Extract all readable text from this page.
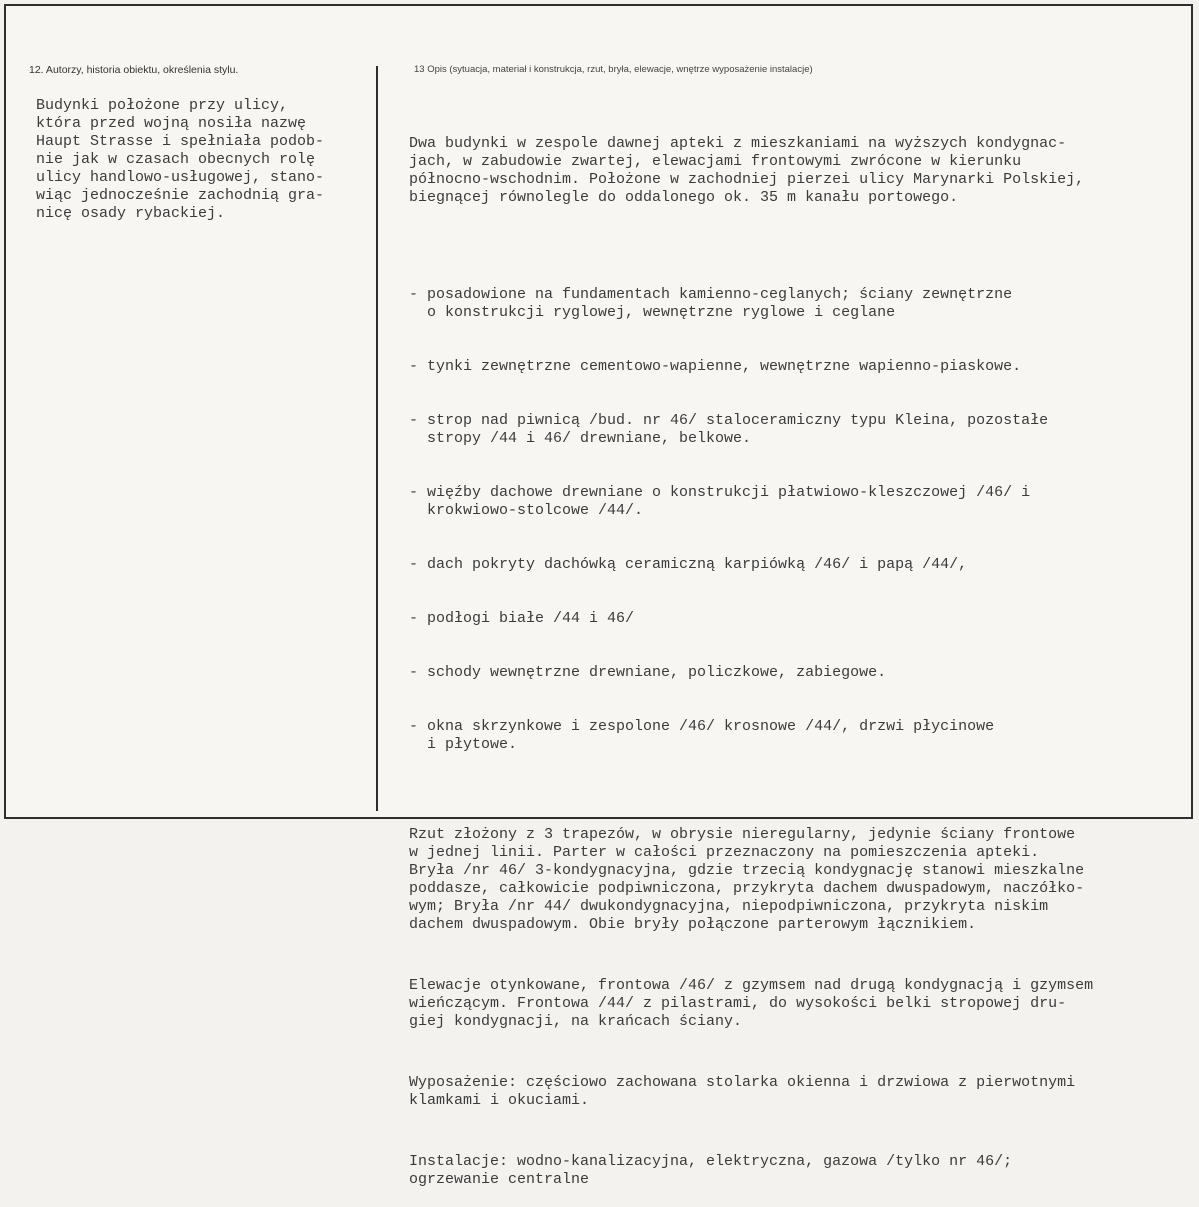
12. Autorzy, historia obiektu, określenia stylu.	13 Opis (sytuacja, materiał i konstrukcja, rzut, bryła, elewacje, wnętrze wyposażenie instalacje)
Budynki położone przy ulicy,
która przed wojną nosiła nazwę
Haupt Strasse i spełniała podob-
nie jak w czasach obecnych rolę
ulicy handlowo-usługowej, stano-
wiąc jednocześnie zachodnią gra-
nicę osady rybackiej.

Dwa budynki w zespole dawnej apteki z mieszkaniami na wyższych kondygnac-
jach, w zabudowie zwartej, elewacjami frontowymi zwrócone w kierunku
północno-wschodnim. Położone w zachodniej pierzei ulicy Marynarki Polskiej,
biegnącej równolegle do oddalonego ok. 35 m kanału portowego.

- posadowione na fundamentach kamienno-ceglanych; ściany zewnętrzne
o konstrukcji ryglowej, wewnętrzne ryglowe i ceglane

- tynki zewnętrzne cementowo-wapienne, wewnętrzne wapienno-piaskowe.

- strop nad piwnicą /bud. nr 46/ staloceramiczny typu Kleina, pozostałe
stropy /44 i 46/ drewniane, belkowe.

- więźby dachowe drewniane o konstrukcji płatwiowo-kleszczowej /46/ i
krokwiowo-stolcowe /44/.

- dach pokryty dachówką ceramiczną karpiówką /46/ i papą /44/,

- podłogi białe /44 i 46/

- schody wewnętrzne drewniane, policzkowe, zabiegowe.

- okna skrzynkowe i zespolone /46/ krosnowe /44/, drzwi płycinowe
i płytowe.

Rzut złożony z 3 trapezów, w obrysie nieregularny, jedynie ściany frontowe
w jednej linii. Parter w całości przeznaczony na pomieszczenia apteki.
Bryła /nr 46/ 3-kondygnacyjna, gdzie trzecią kondygnację stanowi mieszkalne
poddasze, całkowicie podpiwniczona, przykryta dachem dwuspadowym, naczółko-
wym; Bryła /nr 44/ dwukondygnacyjna, niepodpiwniczona, przykryta niskim
dachem dwuspadowym. Obie bryły połączone parterowym łącznikiem.

Elewacje otynkowane, frontowa /46/ z gzymsem nad drugą kondygnacją i gzymsem
wieńczącym. Frontowa /44/ z pilastrami, do wysokości belki stropowej dru-
giej kondygnacji, na krańcach ściany.

Wyposażenie: częściowo zachowana stolarka okienna i drzwiowa z pierwotnymi
klamkami i okuciami.

Instalacje: wodno-kanalizacyjna, elektryczna, gazowa /tylko nr 46/;
ogrzewanie centralne
